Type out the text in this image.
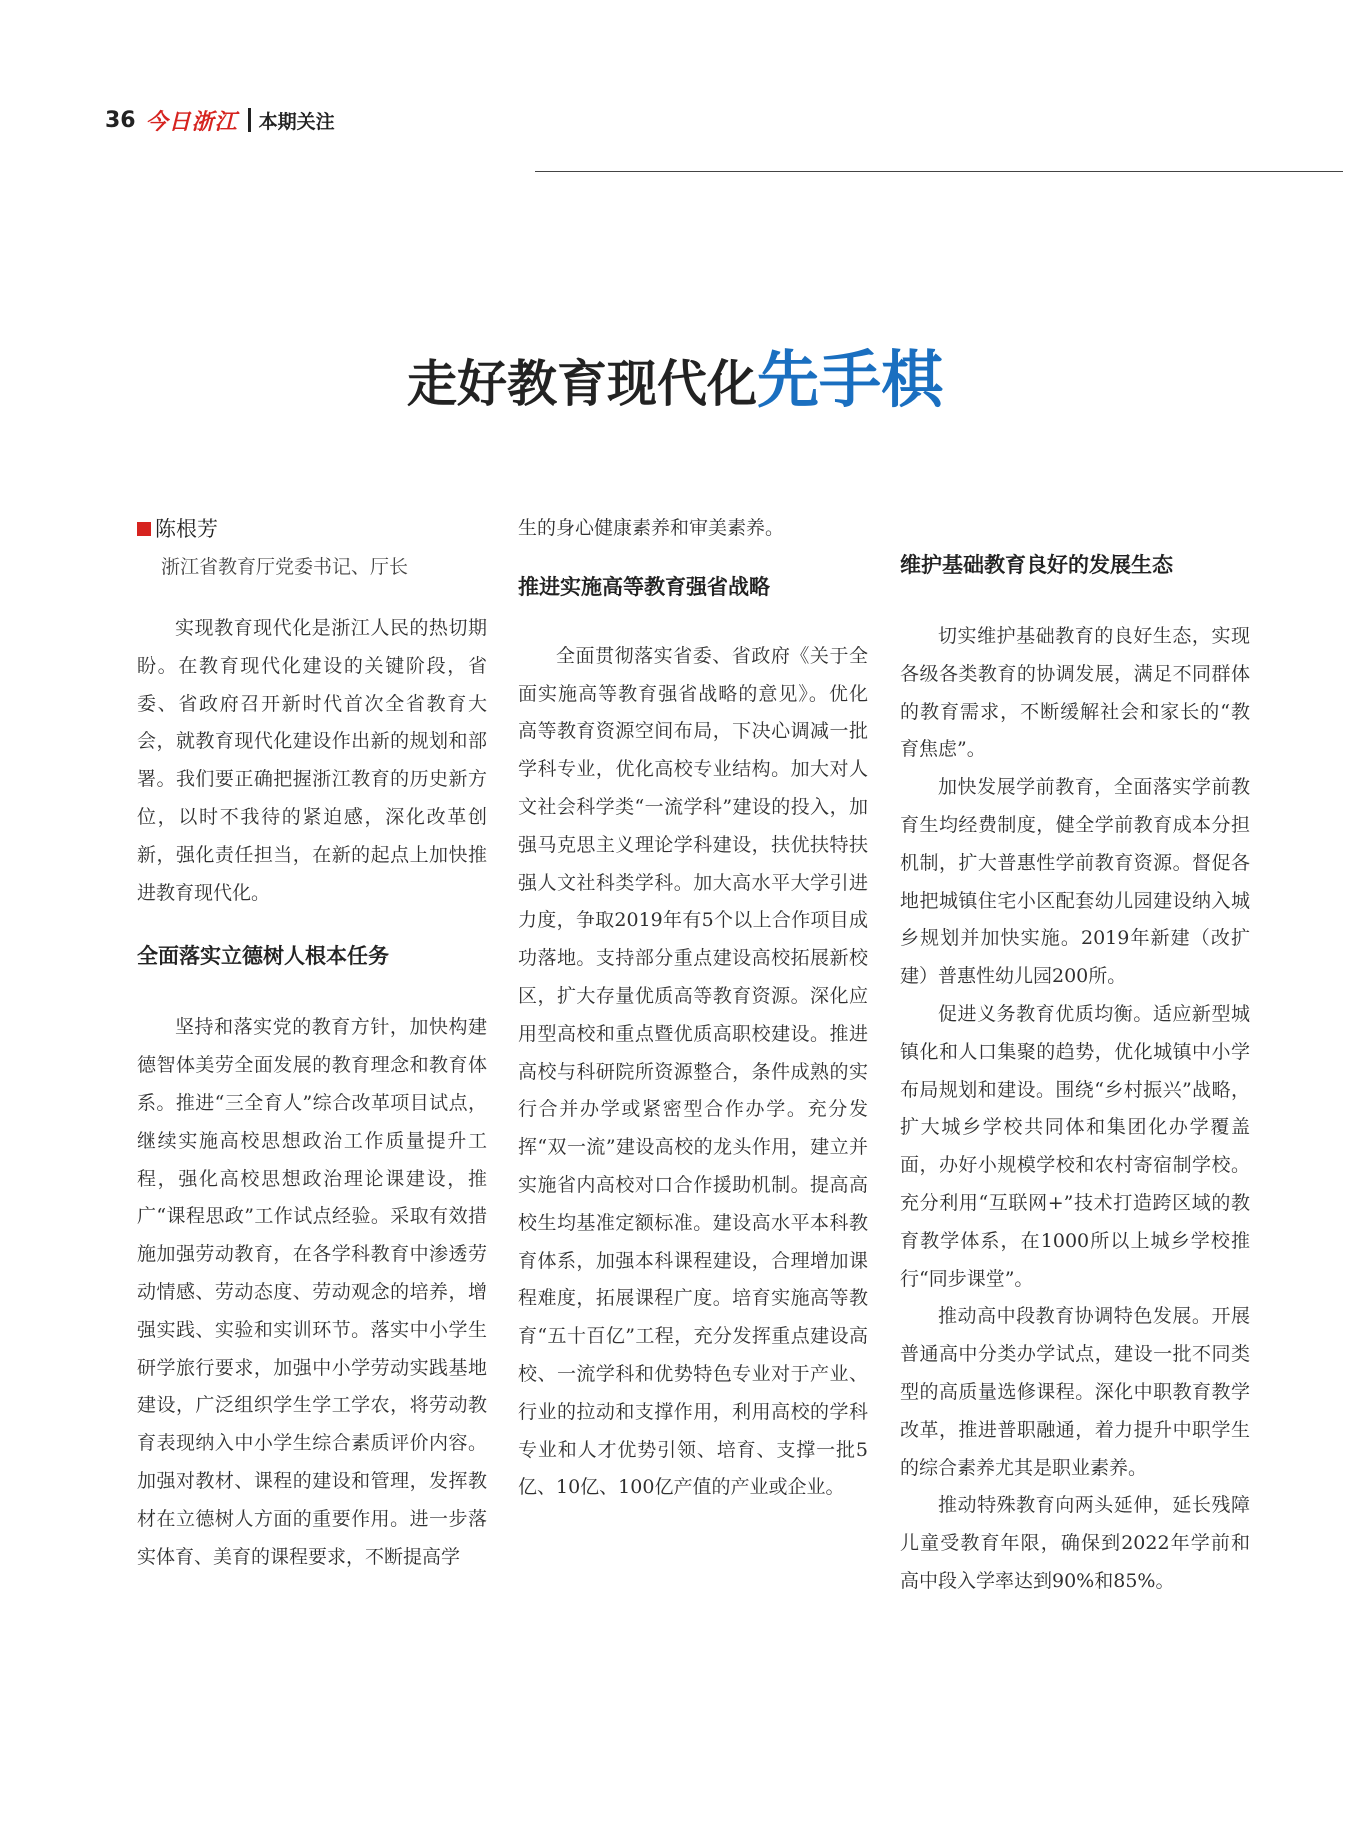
36 今日浙江 本期关注
走好教育现代化先手棋
陈根芳
浙江省教育厅党委书记、厅长

实现教育现代化是浙江人民的热切期盼。在教育现代化建设的关键阶段，省委、省政府召开新时代首次全省教育大会，就教育现代化建设作出新的规划和部署。我们要正确把握浙江教育的历史新方位，以时不我待的紧迫感，深化改革创新，强化责任担当，在新的起点上加快推进教育现代化。

全面落实立德树人根本任务

坚持和落实党的教育方针，加快构建德智体美劳全面发展的教育理念和教育体系。推进“三全育人”综合改革项目试点，继续实施高校思想政治工作质量提升工程，强化高校思想政治理论课建设，推广“课程思政”工作试点经验。采取有效措施加强劳动教育，在各学科教育中渗透劳动情感、劳动态度、劳动观念的培养，增强实践、实验和实训环节。落实中小学生研学旅行要求，加强中小学劳动实践基地建设，广泛组织学生学工学农，将劳动教育表现纳入中小学生综合素质评价内容。加强对教材、课程的建设和管理，发挥教材在立德树人方面的重要作用。进一步落实体育、美育的课程要求，不断提高学

生的身心健康素养和审美素养。

推进实施高等教育强省战略

全面贯彻落实省委、省政府《关于全面实施高等教育强省战略的意见》。优化高等教育资源空间布局，下决心调减一批学科专业，优化高校专业结构。加大对人文社会科学类“一流学科”建设的投入，加强马克思主义理论学科建设，扶优扶特扶强人文社科类学科。加大高水平大学引进力度，争取2019年有5个以上合作项目成功落地。支持部分重点建设高校拓展新校区，扩大存量优质高等教育资源。深化应用型高校和重点暨优质高职校建设。推进高校与科研院所资源整合，条件成熟的实行合并办学或紧密型合作办学。充分发挥“双一流”建设高校的龙头作用，建立并实施省内高校对口合作援助机制。提高高校生均基准定额标准。建设高水平本科教育体系，加强本科课程建设，合理增加课程难度，拓展课程广度。培育实施高等教育“五十百亿”工程，充分发挥重点建设高校、一流学科和优势特色专业对于产业、行业的拉动和支撑作用，利用高校的学科专业和人才优势引领、培育、支撑一批5亿、10亿、100亿产值的产业或企业。

维护基础教育良好的发展生态

切实维护基础教育的良好生态，实现各级各类教育的协调发展，满足不同群体的教育需求，不断缓解社会和家长的“教育焦虑”。

加快发展学前教育，全面落实学前教育生均经费制度，健全学前教育成本分担机制，扩大普惠性学前教育资源。督促各地把城镇住宅小区配套幼儿园建设纳入城乡规划并加快实施。2019年新建（改扩建）普惠性幼儿园200所。

促进义务教育优质均衡。适应新型城镇化和人口集聚的趋势，优化城镇中小学布局规划和建设。围绕“乡村振兴”战略，扩大城乡学校共同体和集团化办学覆盖面，办好小规模学校和农村寄宿制学校。充分利用“互联网+”技术打造跨区域的教育教学体系，在1000所以上城乡学校推行“同步课堂”。

推动高中段教育协调特色发展。开展普通高中分类办学试点，建设一批不同类型的高质量选修课程。深化中职教育教学改革，推进普职融通，着力提升中职学生的综合素养尤其是职业素养。

推动特殊教育向两头延伸，延长残障儿童受教育年限，确保到2022年学前和高中段入学率达到90%和85%。
